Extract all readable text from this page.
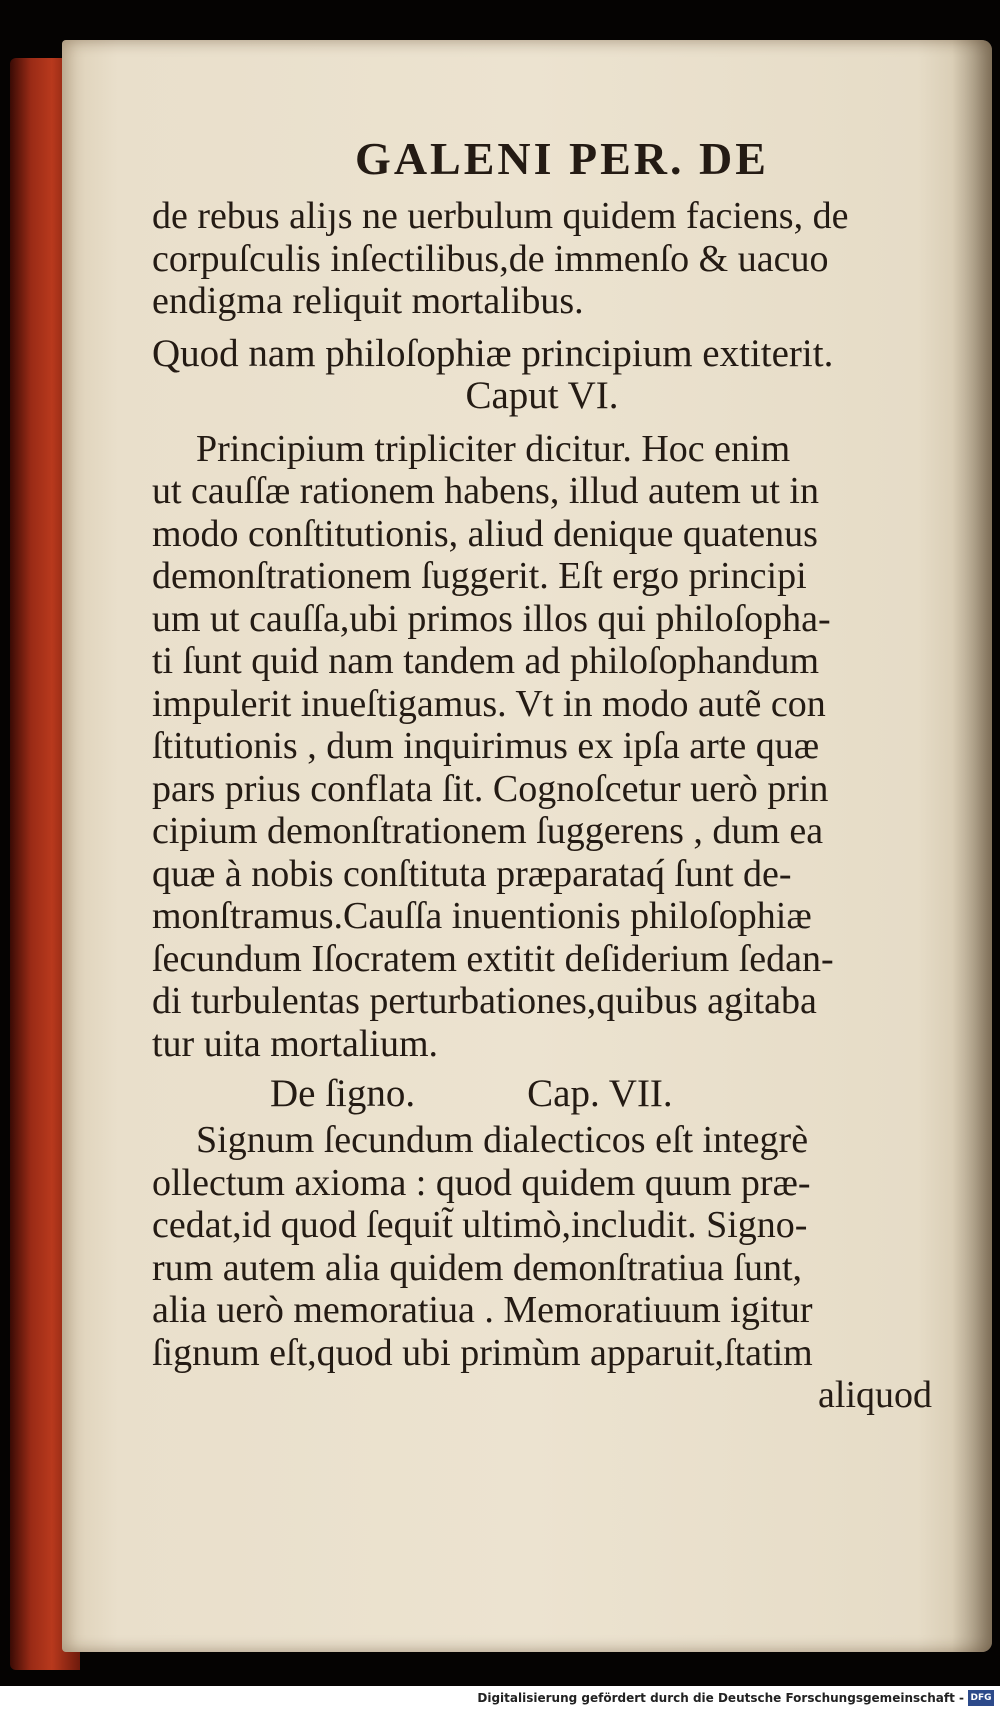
GALENI PER. DE
de rebus aliȷs ne uerbulum quidem faciens, de
corpuſculis inſectilibus,de immenſo & uacuo
endigma reliquit mortalibus.
Quod nam philoſophiæ principium extiterit.
Caput VI.
Principium tripliciter dicitur. Hoc enim
ut cauſſæ rationem habens, illud autem ut in
modo conſtitutionis, aliud denique quatenus
demonſtrationem ſuggerit. Eſt ergo principi
um ut cauſſa,ubi primos illos qui philoſopha-
ti ſunt quid nam tandem ad philoſophandum
impulerit inueſtigamus. Vt in modo autẽ con
ſtitutionis , dum inquirimus ex ipſa arte quæ
pars prius conflata ſit. Cognoſcetur uerò prin
cipium demonſtrationem ſuggerens , dum ea
quæ à nobis conſtituta præparataq́ ſunt de-
monſtramus.Cauſſa inuentionis philoſophiæ
ſecundum Iſocratem extitit deſiderium ſedan-
di turbulentas perturbationes,quibus agitaba
tur uita mortalium.
De ſigno.	Cap. VII.
Signum ſecundum dialecticos eſt integrè
ollectum axioma : quod quidem quum præ-
cedat,id quod ſequit̃ ultimò,includit. Signo-
rum autem alia quidem demonſtratiua ſunt,
alia uerò memoratiua . Memoratiuum igitur
ſignum eſt,quod ubi primùm apparuit,ſtatim
aliquod
Digitalisierung gefördert durch die Deutsche Forschungsgemeinschaft - DFG
